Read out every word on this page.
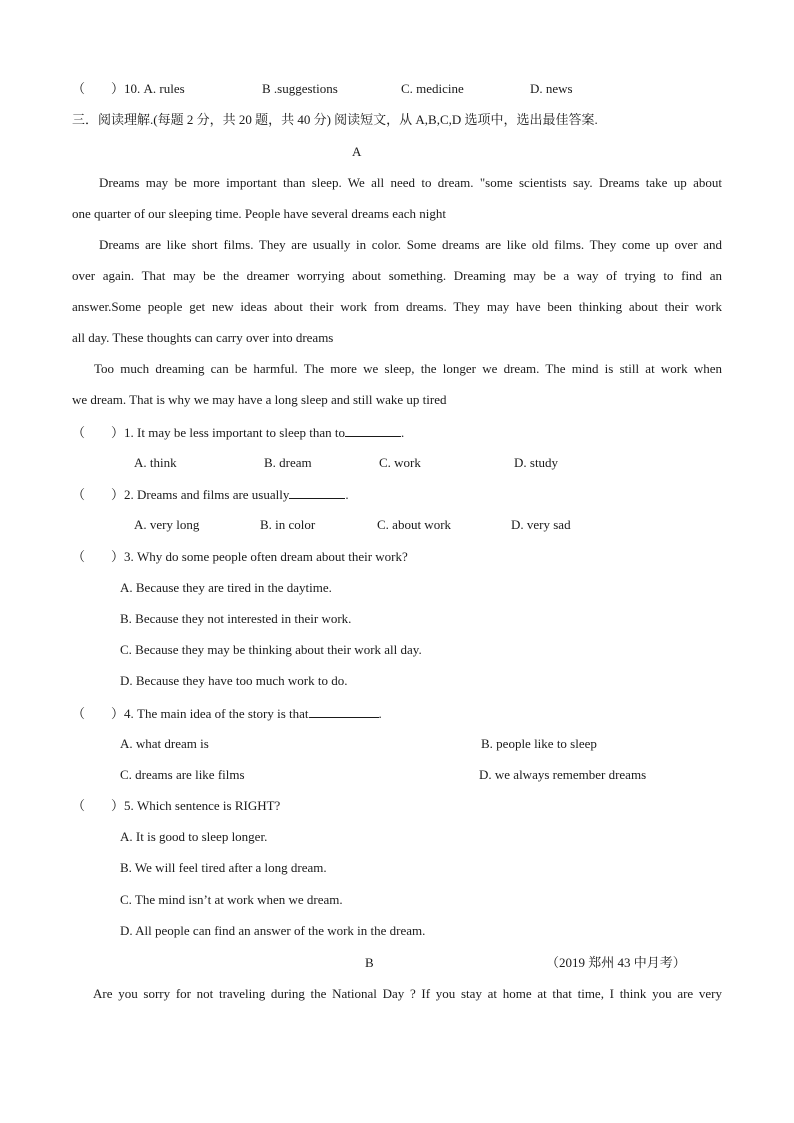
（　　）10. A. rules	B .suggestions	C. medicine	D. news
三．阅读理解.(每题 2 分，共 20 题，共 40 分) 阅读短文，从 A,B,C,D 选项中，选出最佳答案.
A
Dreams may be more important than sleep. We all need to dream. "some scientists say. Dreams take up about
one quarter of our sleeping time. People have several dreams each night
Dreams are like short films. They are usually in color. Some dreams are like old films. They come up over and
over again. That may be the dreamer worrying about something. Dreaming may be a way of trying to find an
answer.Some people get new ideas about their work from dreams. They may have been thinking about their work
all day. These thoughts can carry over into dreams
Too much dreaming can be harmful. The more we sleep, the longer we dream. The mind is still at work when
we dream. That is why we may have a long sleep and still wake up tired
（　　）1. It may be less important to sleep than to	.
A. think	B. dream	C. work	D. study
（　　）2. Dreams and films are usually	.
A. very long	B. in color	C. about work	D. very sad
（　　）3. Why do some people often dream about their work?
A. Because they are tired in the daytime.
B. Because they not interested in their work.
C. Because they may be thinking about their work all day.
D. Because they have too much work to do.
（　　）4. The main idea of the story is that	.
A. what dream is	B. people like to sleep
C. dreams are like films	D. we always remember dreams
（　　）5. Which sentence is RIGHT?
A. It is good to sleep longer.
B. We will feel tired after a long dream.
C. The mind isn’t at work when we dream.
D. All people can find an answer of the work in the dream.
B	（2019 郑州 43 中月考）
Are you sorry for not traveling during the National Day ? If you stay at home at that time, I think you are very
